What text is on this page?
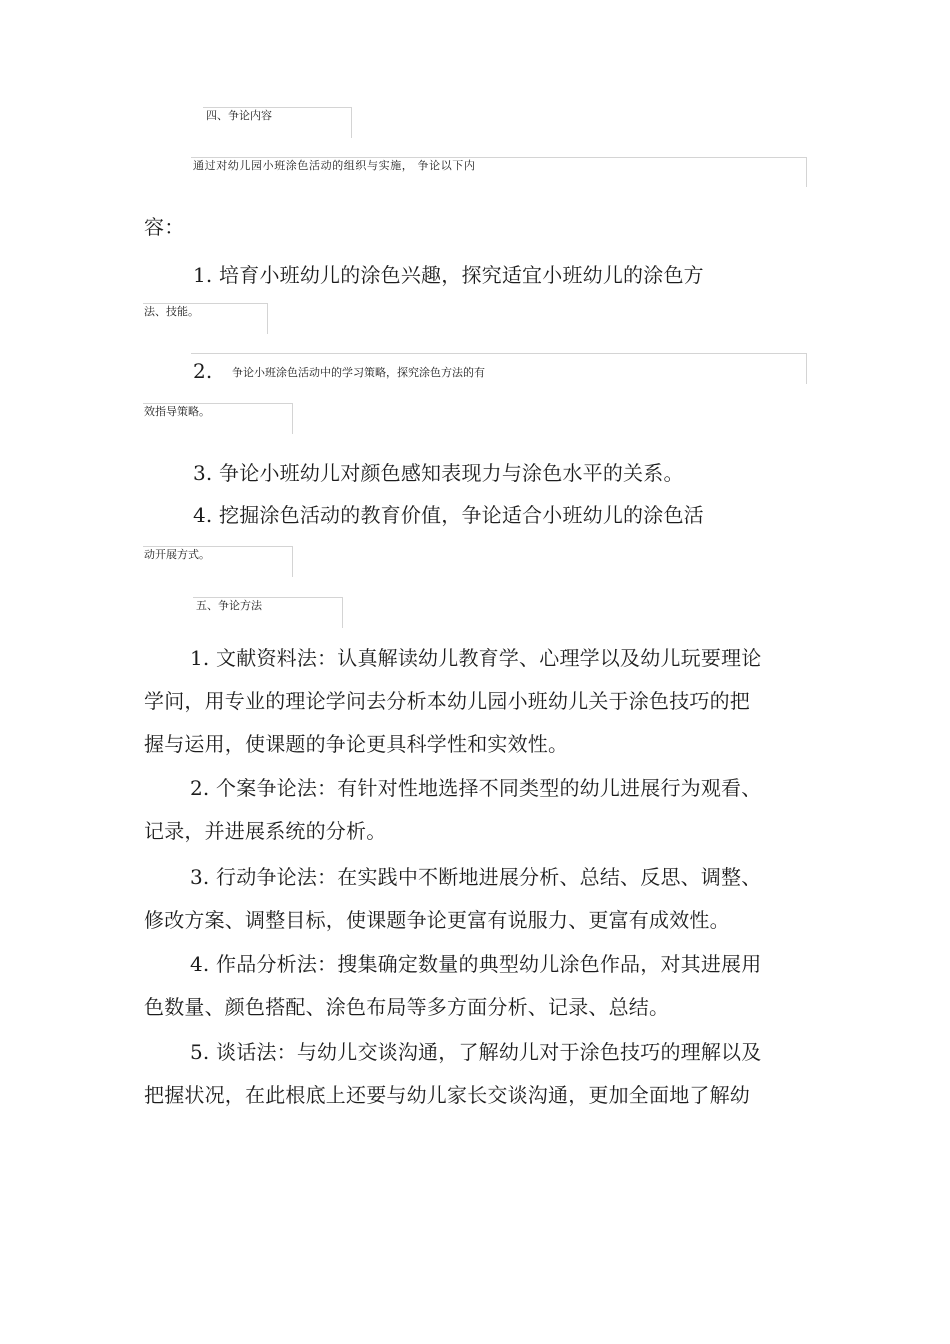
四、争论内容

通过对幼儿园小班涂色活动的组织与实施， 争论以下内

容：

1. 培育小班幼儿的涂色兴趣，探究适宜小班幼儿的涂色方

法、技能。

2. 争论小班涂色活动中的学习策略，探究涂色方法的有

效指导策略。

3. 争论小班幼儿对颜色感知表现力与涂色水平的关系。

4. 挖掘涂色活动的教育价值，争论适合小班幼儿的涂色活

动开展方式。

五、争论方法

1. 文献资料法：认真解读幼儿教育学、心理学以及幼儿玩要理论

学问，用专业的理论学问去分析本幼儿园小班幼儿关于涂色技巧的把

握与运用，使课题的争论更具科学性和实效性。

2. 个案争论法：有针对性地选择不同类型的幼儿进展行为观看、

记录，并进展系统的分析。

3. 行动争论法：在实践中不断地进展分析、总结、反思、调整、

修改方案、调整目标，使课题争论更富有说服力、更富有成效性。

4. 作品分析法：搜集确定数量的典型幼儿涂色作品，对其进展用

色数量、颜色搭配、涂色布局等多方面分析、记录、总结。

5. 谈话法：与幼儿交谈沟通，了解幼儿对于涂色技巧的理解以及

把握状况，在此根底上还要与幼儿家长交谈沟通，更加全面地了解幼
